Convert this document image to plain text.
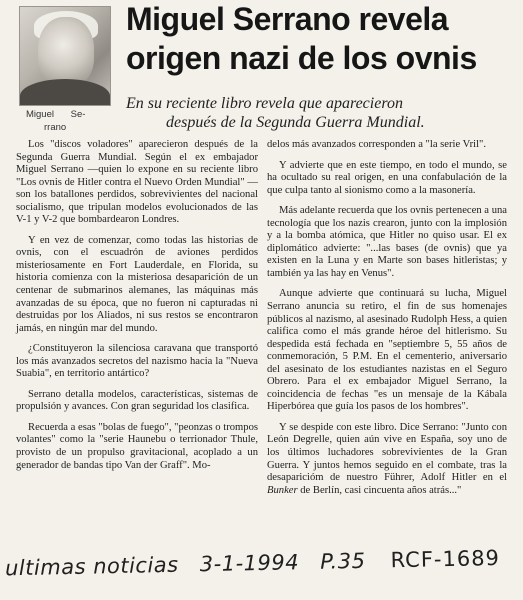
Miguel Se-
rrano
Miguel Serrano revela
origen nazi de los ovnis
En su reciente libro revela que aparecieron
después de la Segunda Guerra Mundial.

Los "discos voladores" aparecieron después de la Segunda Guerra Mundial. Según el ex embajador Miguel Serrano —quien lo expone en su reciente libro "Los ovnis de Hitler contra el Nuevo Orden Mundial" — son los batallones perdidos, sobrevivientes del nacional socialismo, que tripulan modelos evolucionados de las V-1 y V-2 que bombardearon Londres.

Y en vez de comenzar, como todas las historias de ovnis, con el escuadrón de aviones perdidos misteriosamente en Fort Lauderdale, en Florida, su historia comienza con la misteriosa desaparición de un centenar de submarinos alemanes, las máquinas más avanzadas de su época, que no fueron ni capturadas ni destruidas por los Aliados, ni sus restos se encontraron jamás, en ningún mar del mundo.

¿Constituyeron la silenciosa caravana que transportó los más avanzados secretos del nazismo hacia la "Nueva Suabia", en territorio antártico?

Serrano detalla modelos, características, sistemas de propulsión y avances. Con gran seguridad los clasifica.

Recuerda a esas "bolas de fuego", "peonzas o trompos volantes" como la "serie Haunebu o terrionador Thule, provisto de un propulso gravitacional, acoplado a un generador de bandas tipo Van der Graff". Mo-

delos más avanzados corresponden a "la serie Vril".

Y advierte que en este tiempo, en todo el mundo, se ha ocultado su real origen, en una confabulación de la que culpa tanto al sionismo como a la masonería.

Más adelante recuerda que los ovnis pertenecen a una tecnología que los nazis crearon, junto con la implosión y a la bomba atómica, que Hitler no quiso usar. El ex diplomático advierte: "...las bases (de ovnis) que ya existen en la Luna y en Marte son bases hitleristas; y también ya las hay en Venus".

Aunque advierte que continuará su lucha, Miguel Serrano anuncia su retiro, el fin de sus homenajes públicos al nazismo, al asesinado Rudolph Hess, a quien califica como el más grande héroe del hitlerismo. Su despedida está fechada en "septiembre 5, 55 años de conmemoración, 5 P.M. En el cementerio, aniversario del asesinato de los estudiantes nazistas en el Seguro Obrero. Para el ex embajador Miguel Serrano, la coincidencia de fechas "es un mensaje de la Kábala Hiperbórea que guía los pasos de los hombres".

Y se despide con este libro. Dice Serrano: "Junto con León Degrelle, quien aún vive en España, soy uno de los últimos luchadores sobrevivientes de la Gran Guerra. Y juntos hemos seguido en el combate, tras la desaparicióm de nuestro Führer, Adolf Hitler en el Bunker de Berlín, casi cincuenta años atrás..."

ultimas noticias 3-1-1994 P.35 RCF-1689
